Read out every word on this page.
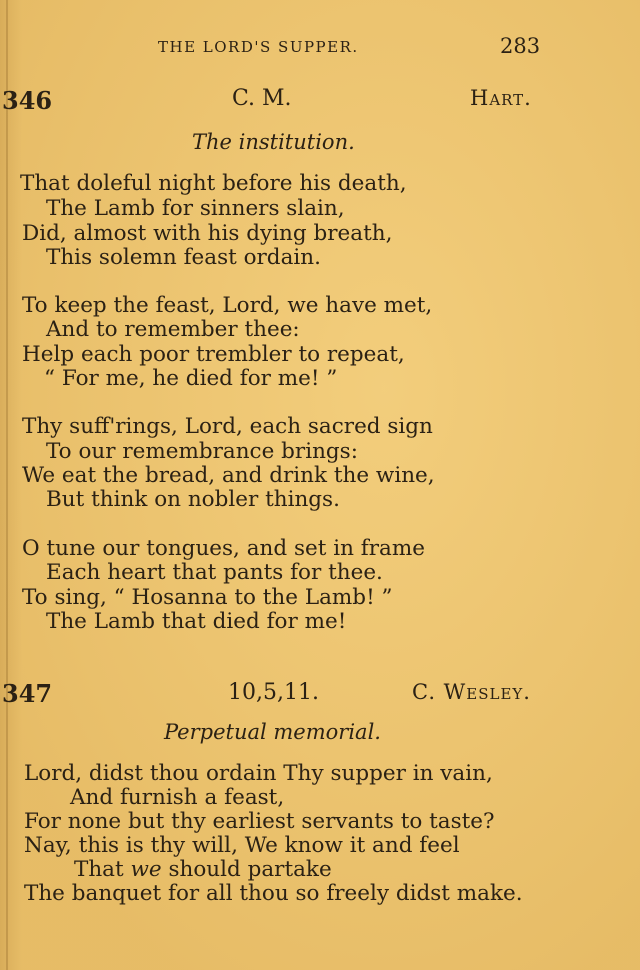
THE LORD'S SUPPER.	283
346	C. M.	Hart.
The institution.
That doleful night before his death,
The Lamb for sinners slain,
Did, almost with his dying breath,
This solemn feast ordain.
To keep the feast, Lord, we have met,
And to remember thee:
Help each poor trembler to repeat,
“ For me, he died for me! ”
Thy suff'rings, Lord, each sacred sign
To our remembrance brings:
We eat the bread, and drink the wine,
But think on nobler things.
O tune our tongues, and set in frame
Each heart that pants for thee.
To sing, “ Hosanna to the Lamb! ”
The Lamb that died for me!
347	10,5,11.	C. Wesley.
Perpetual memorial.
Lord, didst thou ordain Thy supper in vain,
And furnish a feast,
For none but thy earliest servants to taste?
Nay, this is thy will, We know it and feel
That we should partake
The banquet for all thou so freely didst make.
